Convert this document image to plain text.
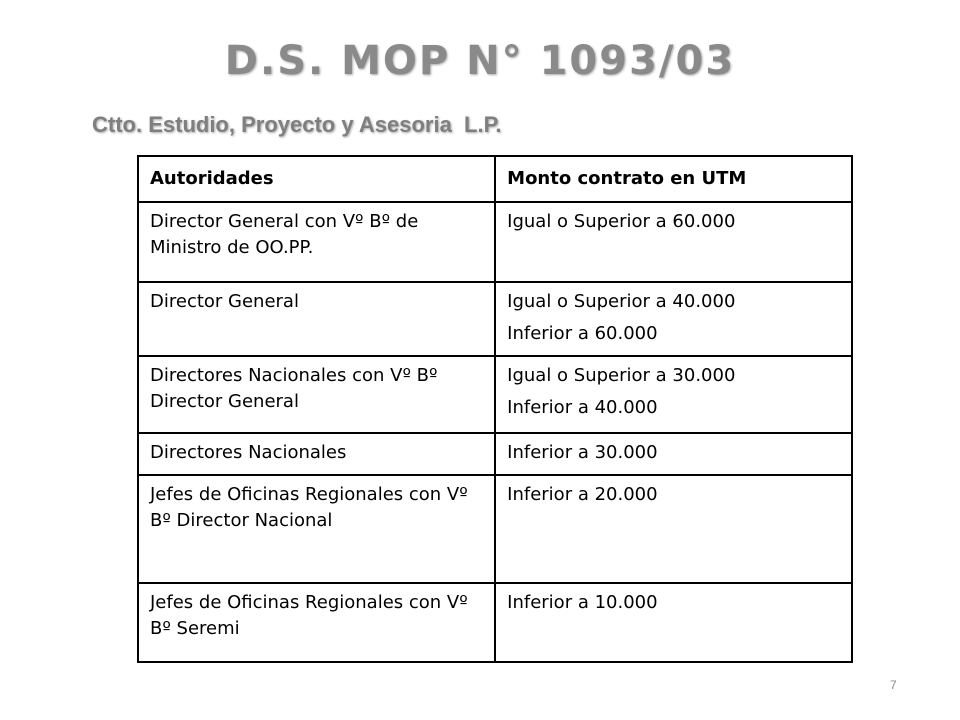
D.S. MOP N° 1093/03
Ctto. Estudio, Proyecto y Asesoria  L.P.
Autoridades	Monto contrato en UTM
Director General con Vº Bº de Ministro de OO.PP.	Igual o Superior a 60.000

Director General	Igual o Superior a 40.000
Inferior a 60.000

Directores Nacionales con Vº Bº Director General	Igual o Superior a 30.000
Inferior a 40.000

Directores Nacionales	Inferior a 30.000

Jefes de Oficinas Regionales con Vº Bº Director Nacional	Inferior a 20.000

Jefes de Oficinas Regionales con Vº Bº Seremi	Inferior a 10.000
7
